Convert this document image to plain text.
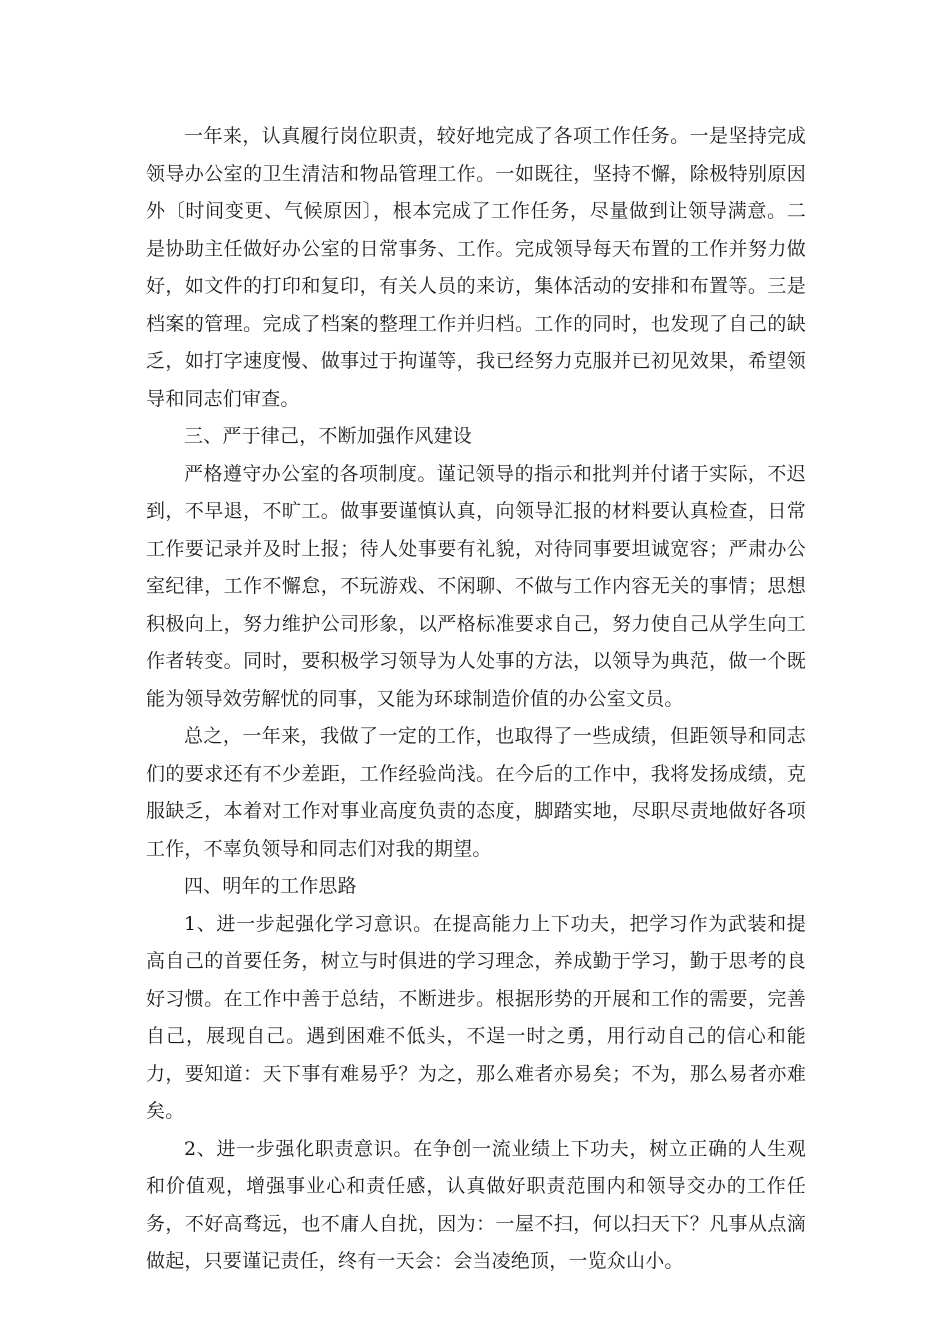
一年来，认真履行岗位职责，较好地完成了各项工作任务。一是坚持完成领导办公室的卫生清洁和物品管理工作。一如既往，坚持不懈，除极特别原因外〔时间变更、气候原因〕，根本完成了工作任务，尽量做到让领导满意。二是协助主任做好办公室的日常事务、工作。完成领导每天布置的工作并努力做好，如文件的打印和复印，有关人员的来访，集体活动的安排和布置等。三是档案的管理。完成了档案的整理工作并归档。工作的同时，也发现了自己的缺乏，如打字速度慢、做事过于拘谨等，我已经努力克服并已初见效果，希望领导和同志们审查。

三、严于律己，不断加强作风建设

严格遵守办公室的各项制度。谨记领导的指示和批判并付诸于实际，不迟到，不早退，不旷工。做事要谨慎认真，向领导汇报的材料要认真检查，日常工作要记录并及时上报；待人处事要有礼貌，对待同事要坦诚宽容；严肃办公室纪律，工作不懈怠，不玩游戏、不闲聊、不做与工作内容无关的事情；思想积极向上，努力维护公司形象，以严格标准要求自己，努力使自己从学生向工作者转变。同时，要积极学习领导为人处事的方法，以领导为典范，做一个既能为领导效劳解忧的同事，又能为环球制造价值的办公室文员。

总之，一年来，我做了一定的工作，也取得了一些成绩，但距领导和同志们的要求还有不少差距，工作经验尚浅。在今后的工作中，我将发扬成绩，克服缺乏，本着对工作对事业高度负责的态度，脚踏实地，尽职尽责地做好各项工作，不辜负领导和同志们对我的期望。

四、明年的工作思路

1、进一步起强化学习意识。在提高能力上下功夫，把学习作为武装和提高自己的首要任务，树立与时俱进的学习理念，养成勤于学习，勤于思考的良好习惯。在工作中善于总结，不断进步。根据形势的开展和工作的需要，完善自己，展现自己。遇到困难不低头，不逞一时之勇，用行动自己的信心和能力，要知道：天下事有难易乎？为之，那么难者亦易矣；不为，那么易者亦难矣。

2、进一步强化职责意识。在争创一流业绩上下功夫，树立正确的人生观和价值观，增强事业心和责任感，认真做好职责范围内和领导交办的工作任务，不好高骛远，也不庸人自扰，因为：一屋不扫，何以扫天下？凡事从点滴做起，只要谨记责任，终有一天会：会当凌绝顶，一览众山小。
